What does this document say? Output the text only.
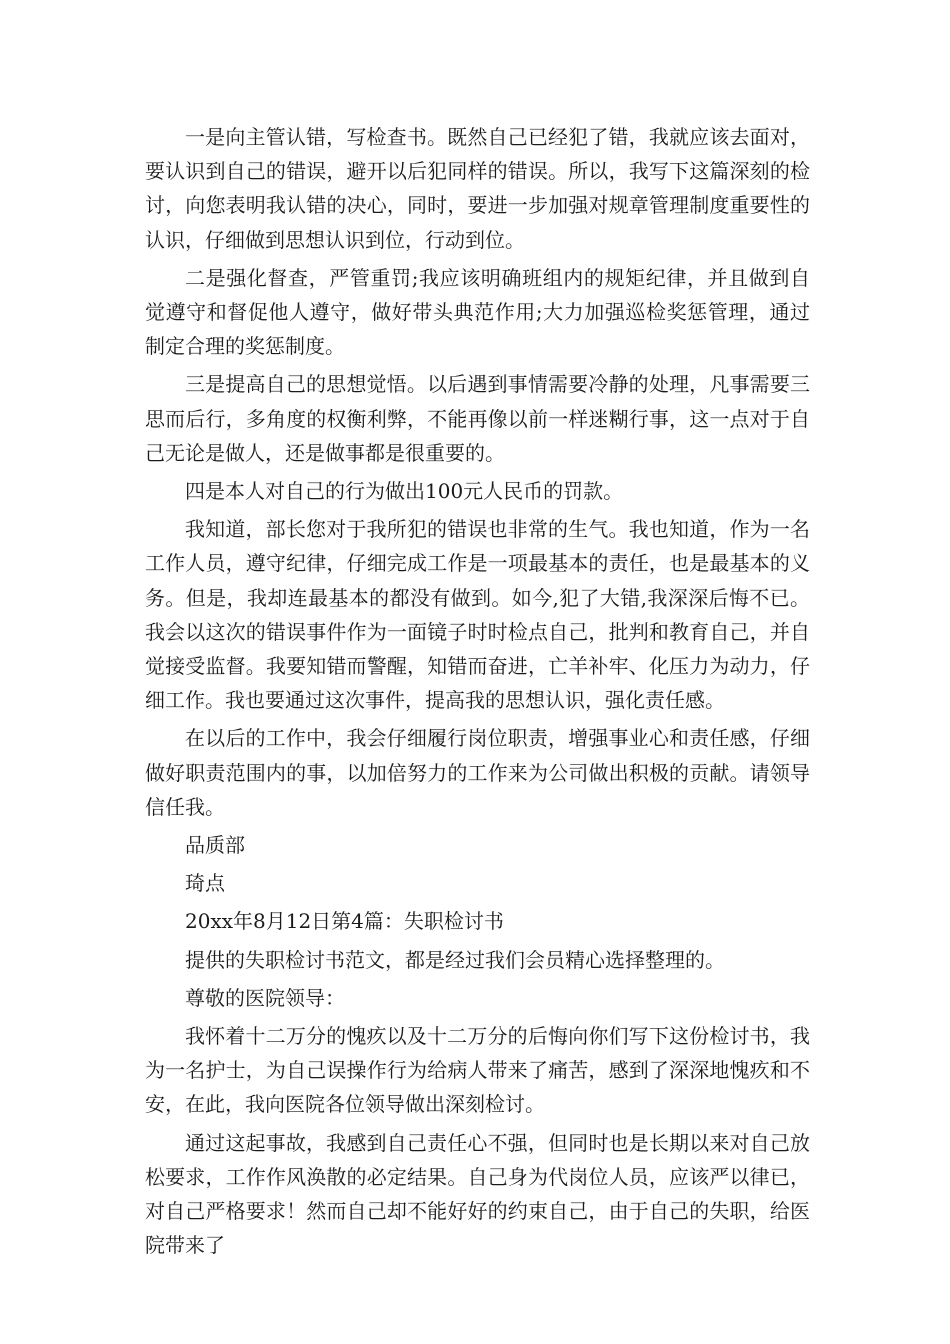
一是向主管认错，写检查书。既然自己已经犯了错，我就应该去面对，要认识到自己的错误，避开以后犯同样的错误。所以，我写下这篇深刻的检讨，向您表明我认错的决心，同时，要进一步加强对规章管理制度重要性的认识，仔细做到思想认识到位，行动到位。

二是强化督查，严管重罚;我应该明确班组内的规矩纪律，并且做到自觉遵守和督促他人遵守，做好带头典范作用;大力加强巡检奖惩管理，通过制定合理的奖惩制度。

三是提高自己的思想觉悟。以后遇到事情需要冷静的处理，凡事需要三思而后行，多角度的权衡利弊，不能再像以前一样迷糊行事，这一点对于自己无论是做人，还是做事都是很重要的。

四是本人对自己的行为做出100元人民币的罚款。

我知道，部长您对于我所犯的错误也非常的生气。我也知道，作为一名工作人员，遵守纪律，仔细完成工作是一项最基本的责任，也是最基本的义务。但是，我却连最基本的都没有做到。如今,犯了大错,我深深后悔不已。我会以这次的错误事件作为一面镜子时时检点自己，批判和教育自己，并自觉接受监督。我要知错而警醒，知错而奋进，亡羊补牢、化压力为动力，仔细工作。我也要通过这次事件，提高我的思想认识，强化责任感。

在以后的工作中，我会仔细履行岗位职责，增强事业心和责任感，仔细做好职责范围内的事，以加倍努力的工作来为公司做出积极的贡献。请领导信任我。

品质部

琦点

20xx年8月12日第4篇：失职检讨书

提供的失职检讨书范文，都是经过我们会员精心选择整理的。

尊敬的医院领导：

我怀着十二万分的愧疚以及十二万分的后悔向你们写下这份检讨书，我为一名护士，为自己误操作行为给病人带来了痛苦，感到了深深地愧疚和不安，在此，我向医院各位领导做出深刻检讨。

通过这起事故，我感到自己责任心不强，但同时也是长期以来对自己放松要求，工作作风涣散的必定结果。自己身为代岗位人员，应该严以律已，对自己严格要求！然而自己却不能好好的约束自己，由于自己的失职，给医院带来了
